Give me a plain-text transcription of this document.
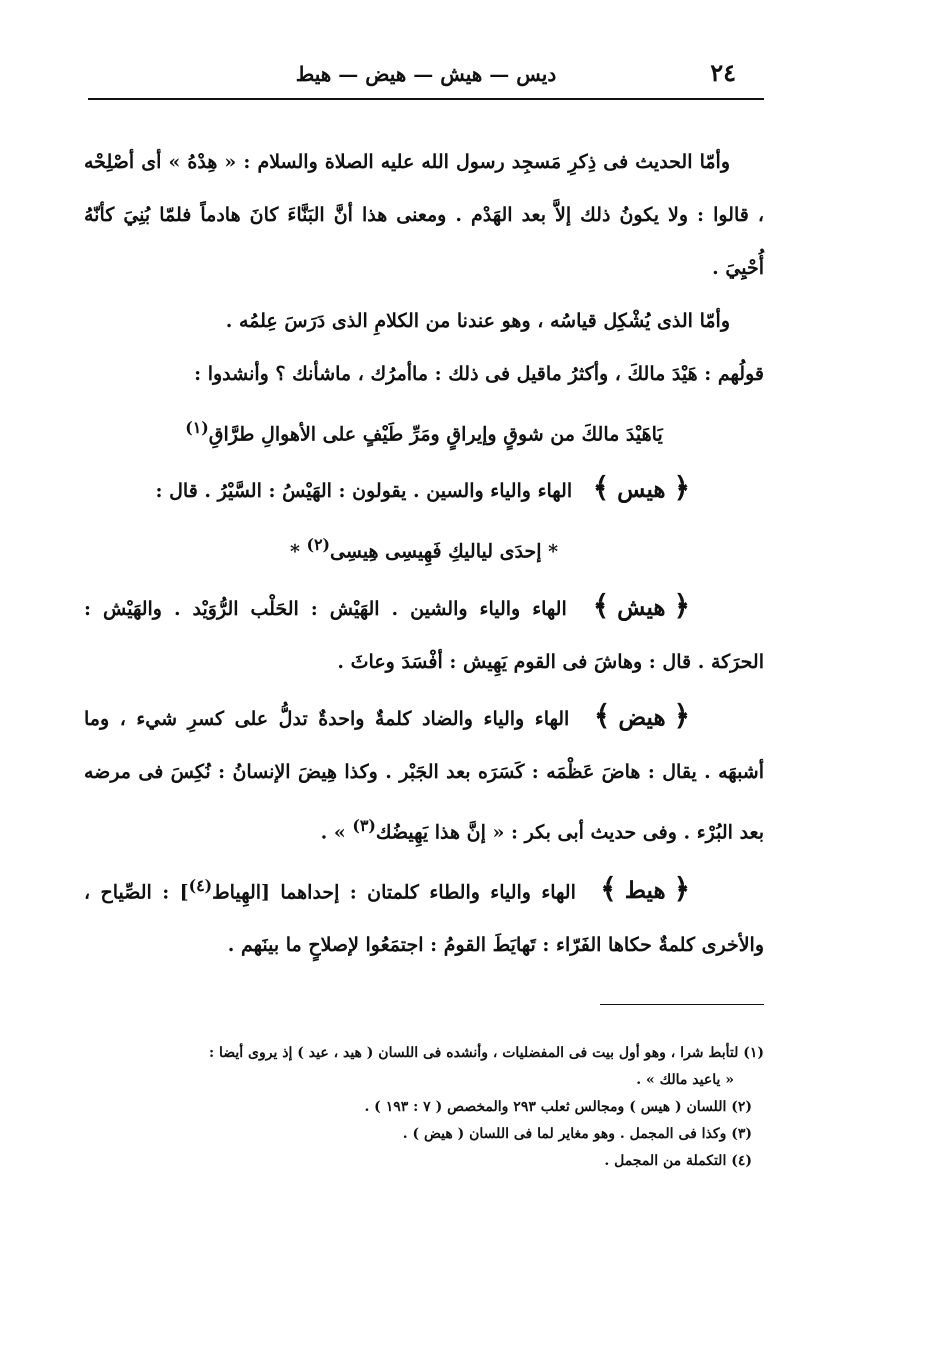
٢٤
ديس — هيش — هيض — هيط

وأمّا الحديث فى ذِكرِ مَسجِد رسول الله عليه الصلاة والسلام : « هِدْهُ » أى أصْلِحْه ، قالوا : ولا يكونُ ذلك إلاَّ بعد الهَدْم . ومعنى هذا أنَّ البَنَّاءَ كانَ هادماً فلمّا بُنِيَ كأنّهُ أُحْيِيَ .

وأمّا الذى يُشْكِل قياسُه ، وهو عندنا من الكلامِ الذى دَرَسَ عِلمُه .

قولُهم : هَيْدَ مالكَ ، وأكثرُ ماقيل فى ذلك : ماأمرُك ، ماشأنك ؟ وأنشدوا :

يَاهَيْدَ مالكَ من شوقٍ وإيراقٍ ومَرِّ طَيْفٍ على الأهوالِ طرَّاقِ$^{(١)}$

﴿ هيس ﴾ الهاء والياء والسين . يقولون : الهَيْسُ : السَّيْرُ . قال :

* إحدَى لياليكِ فَهِيسِى هِيسِى$^{(٢)}$ *

﴿ هيش ﴾ الهاء والياء والشين . الهَيْش : الحَلْب الرُّوَيْد . والهَيْش : الحرَكة . قال : وهاشَ فى القوم يَهِيش : أفْسَدَ وعاثَ .

﴿ هيض ﴾ الهاء والياء والضاد كلمةٌ واحدةٌ تدلُّ على كسرِ شيء ، وما أشبهَه . يقال : هاضَ عَظْمَه : كَسَرَه بعد الجَبْر . وكذا هِيضَ الإنسانُ : نُكِسَ فى مرضه بعد البُرْء . وفى حديث أبى بكر : « إنَّ هذا يَهِيضُك$^{(٣)}$ » .

﴿ هيط ﴾ الهاء والياء والطاء كلمتان : إحداهما [الهِياط$^{(٤)}$] : الصِّياح ، والأخرى كلمةٌ حكاها الفَرّاء : تَهايَطَ القومُ : اجتمَعُوا لإصلاحٍ ما بينَهم .

(١) لتأبط شرا ، وهو أول بيت فى المفضليات ، وأنشده فى اللسان ( هيد ، عيد ) إذ يروى أيضا :

« ياعيد مالك » .

(٢) اللسان ( هيس ) ومجالس ثعلب ٢٩٣ والمخصص ( ٧ : ١٩٣ ) .

(٣) وكذا فى المجمل . وهو مغاير لما فى اللسان ( هيض ) .

(٤) التكملة من المجمل .
